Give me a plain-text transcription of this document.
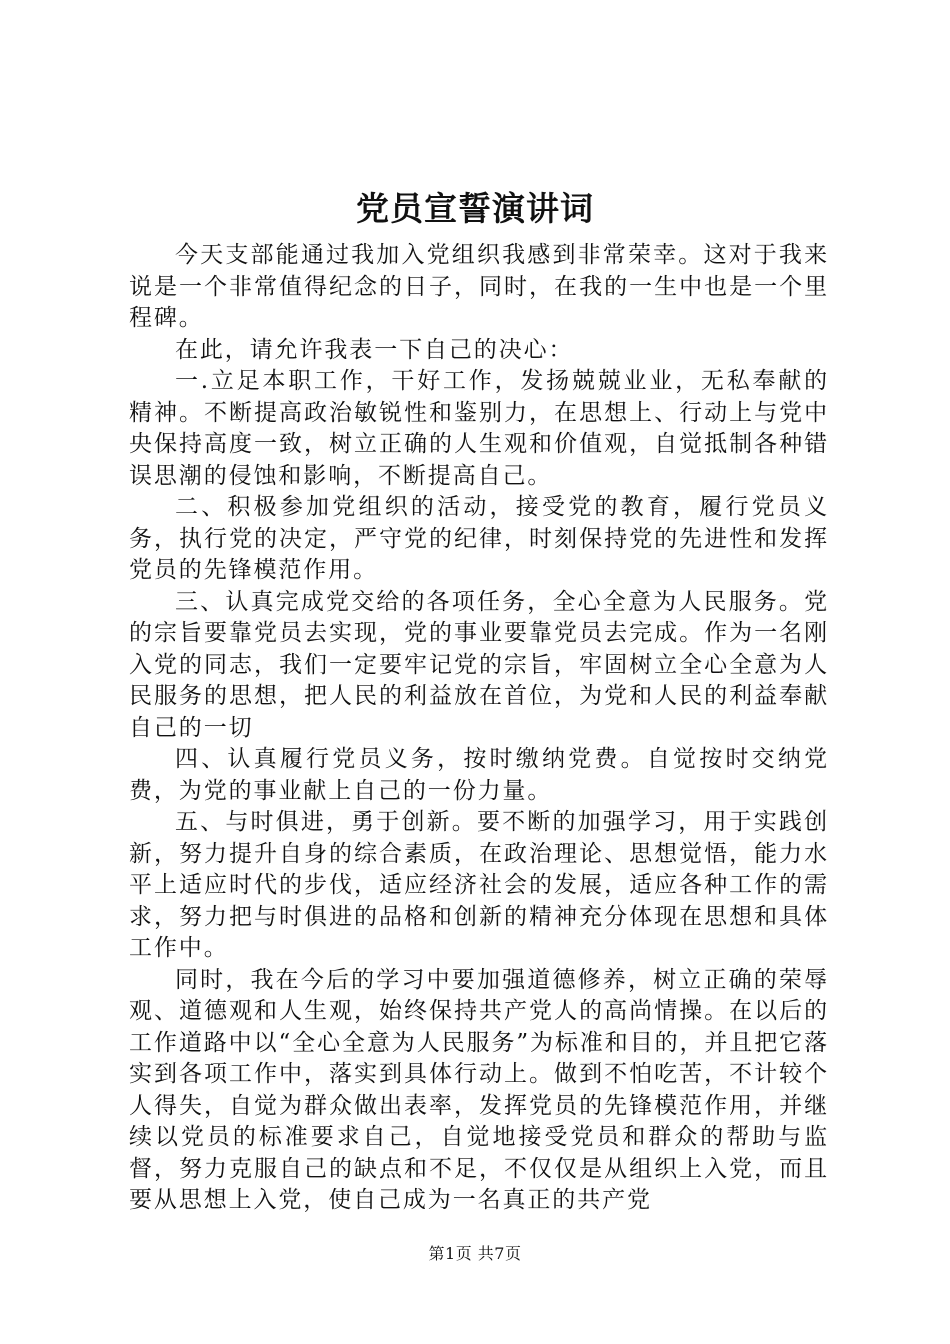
党员宣誓演讲词

今天支部能通过我加入党组织我感到非常荣幸。这对于我来说是一个非常值得纪念的日子，同时，在我的一生中也是一个里程碑。

在此，请允许我表一下自己的决心：

一.立足本职工作，干好工作，发扬兢兢业业，无私奉献的精神。不断提高政治敏锐性和鉴别力，在思想上、行动上与党中央保持高度一致，树立正确的人生观和价值观，自觉抵制各种错误思潮的侵蚀和影响，不断提高自己。

二、积极参加党组织的活动，接受党的教育，履行党员义务，执行党的决定，严守党的纪律，时刻保持党的先进性和发挥党员的先锋模范作用。

三、认真完成党交给的各项任务，全心全意为人民服务。党的宗旨要靠党员去实现，党的事业要靠党员去完成。作为一名刚入党的同志，我们一定要牢记党的宗旨，牢固树立全心全意为人民服务的思想，把人民的利益放在首位，为党和人民的利益奉献自己的一切

四、认真履行党员义务，按时缴纳党费。自觉按时交纳党费，为党的事业献上自己的一份力量。

五、与时俱进，勇于创新。要不断的加强学习，用于实践创新，努力提升自身的综合素质，在政治理论、思想觉悟，能力水平上适应时代的步伐，适应经济社会的发展，适应各种工作的需求，努力把与时俱进的品格和创新的精神充分体现在思想和具体工作中。

同时，我在今后的学习中要加强道德修养，树立正确的荣辱观、道德观和人生观，始终保持共产党人的高尚情操。在以后的工作道路中以“全心全意为人民服务”为标准和目的，并且把它落实到各项工作中，落实到具体行动上。做到不怕吃苦，不计较个人得失，自觉为群众做出表率，发挥党员的先锋模范作用，并继续以党员的标准要求自己，自觉地接受党员和群众的帮助与监督，努力克服自己的缺点和不足，不仅仅是从组织上入党，而且要从思想上入党，使自己成为一名真正的共产党

第1页 共7页
